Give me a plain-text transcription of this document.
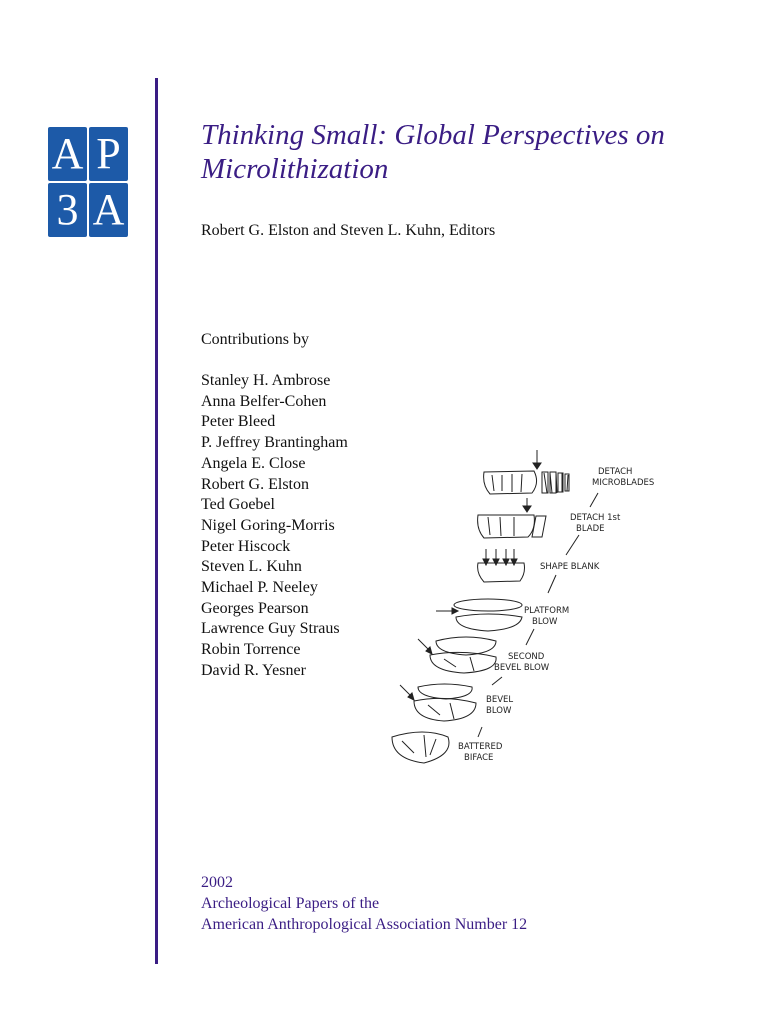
A P
3 A
Thinking Small: Global Perspectives on
Microlithization
Robert G. Elston and Steven L. Kuhn, Editors
Contributions by
Stanley H. Ambrose
Anna Belfer-Cohen
Peter Bleed
P. Jeffrey Brantingham
Angela E. Close
Robert G. Elston
Ted Goebel
Nigel Goring-Morris
Peter Hiscock
Steven L. Kuhn
Michael P. Neeley
Georges Pearson
Lawrence Guy Straus
Robin Torrence
David R. Yesner
DETACH
MICROBLADES
DETACH 1st
BLADE
SHAPE BLANK
PLATFORM
BLOW
SECOND
BEVEL BLOW
BEVEL
BLOW
BATTERED
BIFACE
2002
Archeological Papers of the
American Anthropological Association Number 12
